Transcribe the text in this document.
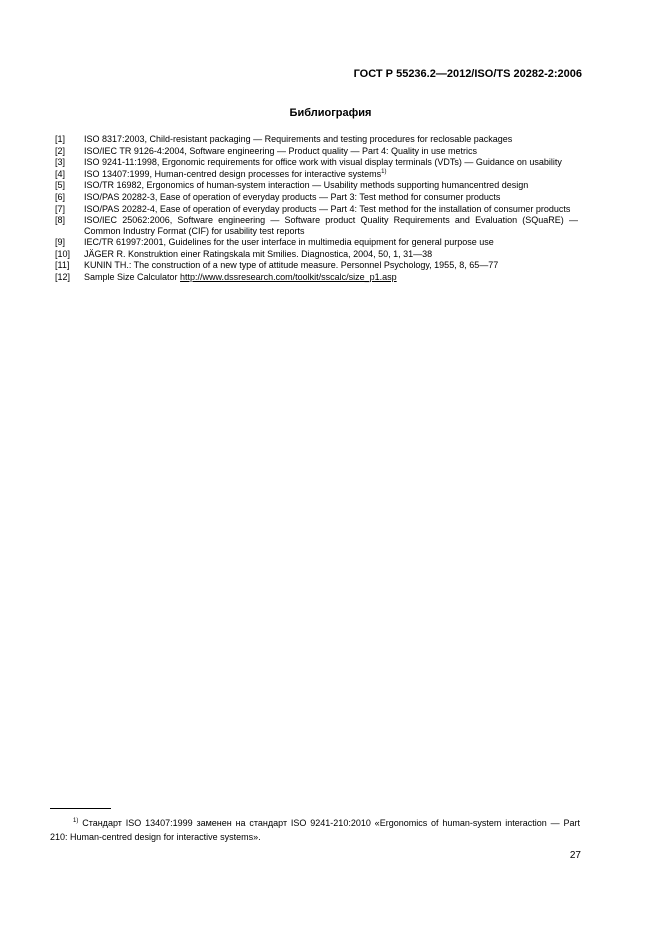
ГОСТ Р 55236.2—2012/ISO/TS 20282-2:2006
Библиография
[1]	ISO 8317:2003, Child-resistant packaging — Requirements and testing procedures for reclosable packages
[2]	ISO/IEC TR 9126-4:2004, Software engineering — Product quality — Part 4: Quality in use metrics
[3]	ISO 9241-11:1998, Ergonomic requirements for office work with visual display terminals (VDTs) — Guidance on usability
[4]	ISO 13407:1999, Human-centred design processes for interactive systems$^{1)}$
[5]	ISO/TR 16982, Ergonomics of human-system interaction — Usability methods supporting humancentred design
[6]	ISO/PAS 20282-3, Ease of operation of everyday products — Part 3: Test method for consumer products
[7]	ISO/PAS 20282-4, Ease of operation of everyday products — Part 4: Test method for the installation of consumer products
[8]	ISO/IEC 25062:2006, Software engineering — Software product Quality Requirements and Evaluation (SQuaRE) — Common Industry Format (CIF) for usability test reports
[9]	IEC/TR 61997:2001, Guidelines for the user interface in multimedia equipment for general purpose use
[10]	JÄGER R. Konstruktion einer Ratingskala mit Smilies. Diagnostica, 2004, 50, 1, 31—38
[11]	KUNIN TH.: The construction of a new type of attitude measure. Personnel Psychology, 1955, 8, 65—77
[12]	Sample Size Calculator http://www.dssresearch.com/toolkit/sscalc/size_p1.asp
$^{1)}$ Стандарт ISO 13407:1999 заменен на стандарт ISO 9241-210:2010 «Ergonomics of human-system interaction — Part 210: Human-centred design for interactive systems».
27
